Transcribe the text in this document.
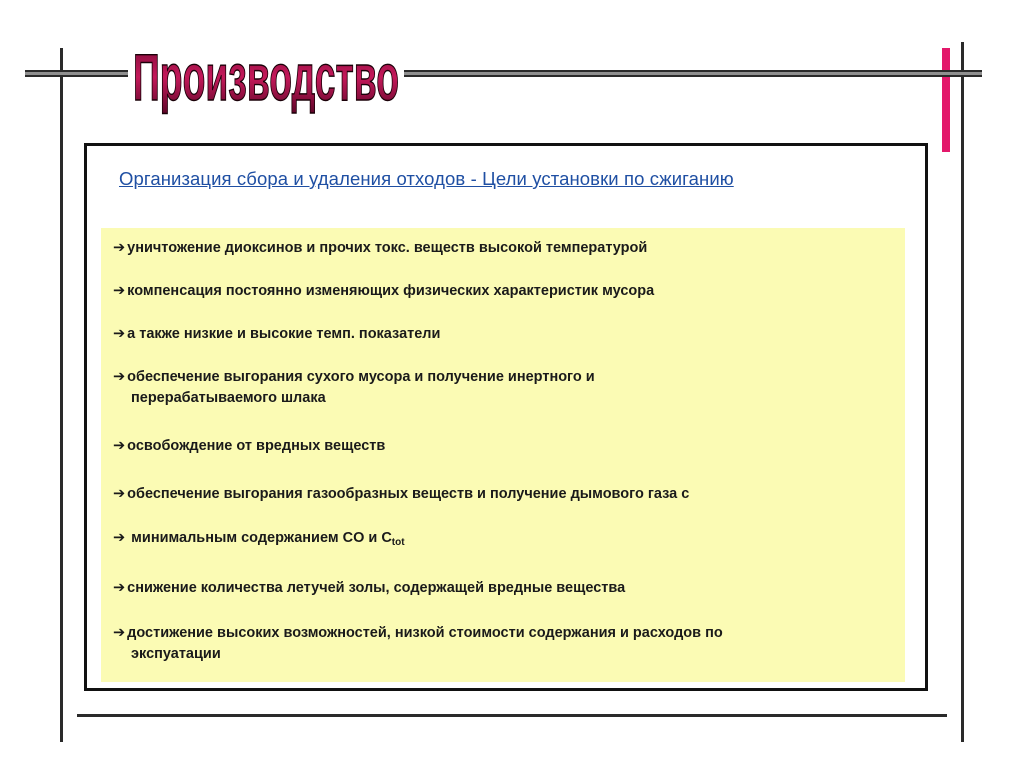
Производство
Организация сбора и удаления отходов - Цели установки по сжиганию
➔ уничтожение диоксинов и прочих токс. веществ высокой температурой
➔ компенсация постоянно изменяющих физических характеристик мусора
➔ а также низкие и высокие темп. показатели
➔ обеспечение выгорания сухого мусора и получение инертного и
перерабатываемого шлака
➔ освобождение от вредных веществ
➔ обеспечение выгорания газообразных веществ и получение дымового газа с
➔ минимальным содержанием CO и $C_{tot}$
➔ снижение количества летучей золы, содержащей вредные вещества
➔ достижение высоких возможностей, низкой стоимости содержания и расходов по
экспуатации
